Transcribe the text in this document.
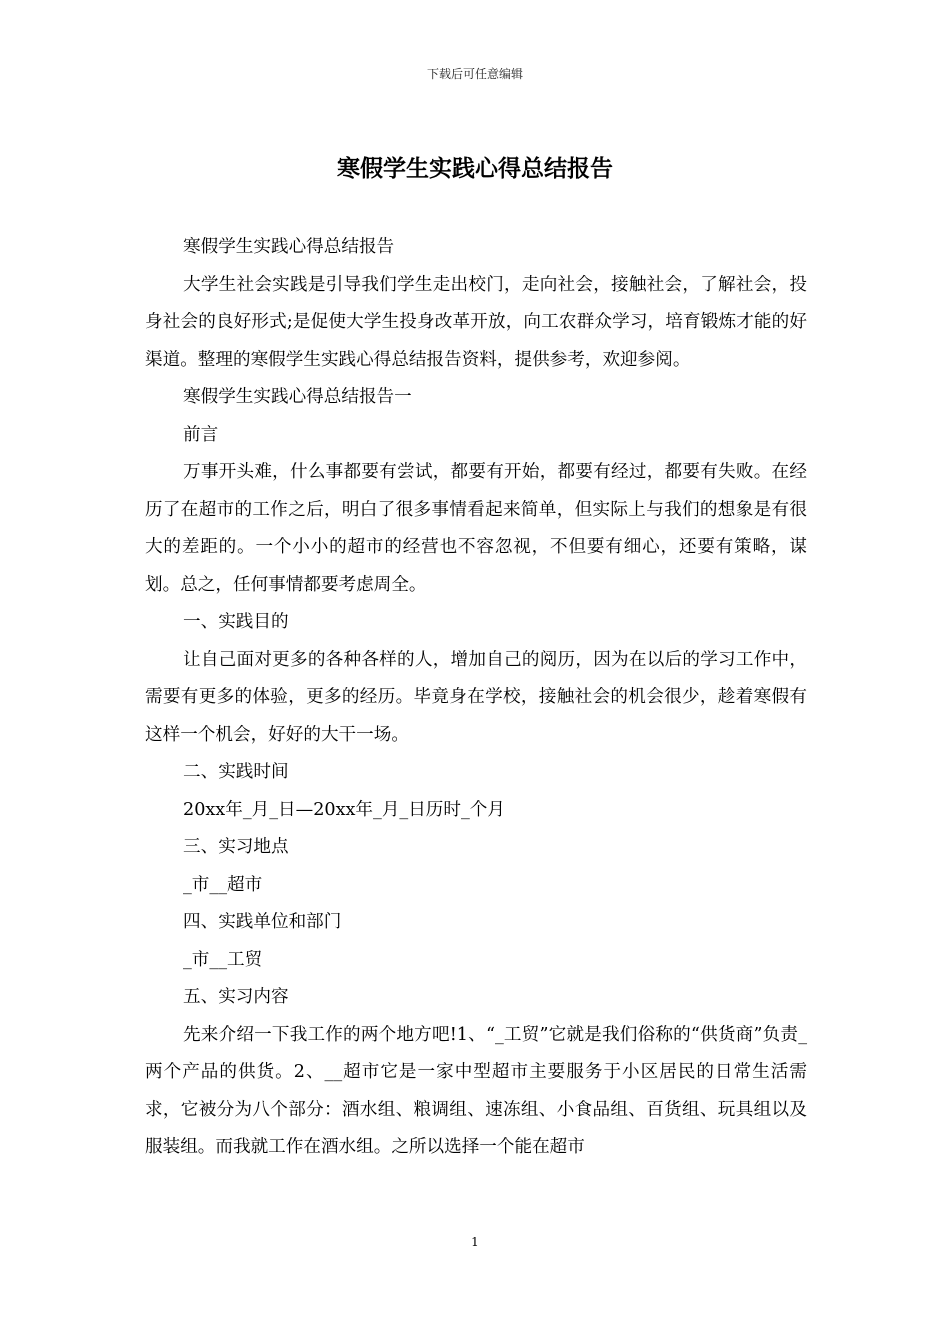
下载后可任意编辑
寒假学生实践心得总结报告

寒假学生实践心得总结报告

大学生社会实践是引导我们学生走出校门，走向社会，接触社会，了解社会，投身社会的良好形式;是促使大学生投身改革开放，向工农群众学习，培育锻炼才能的好渠道。整理的寒假学生实践心得总结报告资料，提供参考，欢迎参阅。

寒假学生实践心得总结报告一

前言

万事开头难，什么事都要有尝试，都要有开始，都要有经过，都要有失败。在经历了在超市的工作之后，明白了很多事情看起来简单，但实际上与我们的想象是有很大的差距的。一个小小的超市的经营也不容忽视，不但要有细心，还要有策略，谋划。总之，任何事情都要考虑周全。

一、实践目的

让自己面对更多的各种各样的人，增加自己的阅历，因为在以后的学习工作中，需要有更多的体验，更多的经历。毕竟身在学校，接触社会的机会很少，趁着寒假有这样一个机会，好好的大干一场。

二、实践时间

20xx年_月_日—20xx年_月_日历时_个月

三、实习地点

_市__超市

四、实践单位和部门

_市__工贸

五、实习内容

先来介绍一下我工作的两个地方吧!1、“_工贸”它就是我们俗称的“供货商”负责_两个产品的供货。2、__超市它是一家中型超市主要服务于小区居民的日常生活需求，它被分为八个部分：酒水组、粮调组、速冻组、小食品组、百货组、玩具组以及服装组。而我就工作在酒水组。之所以选择一个能在超市

1
